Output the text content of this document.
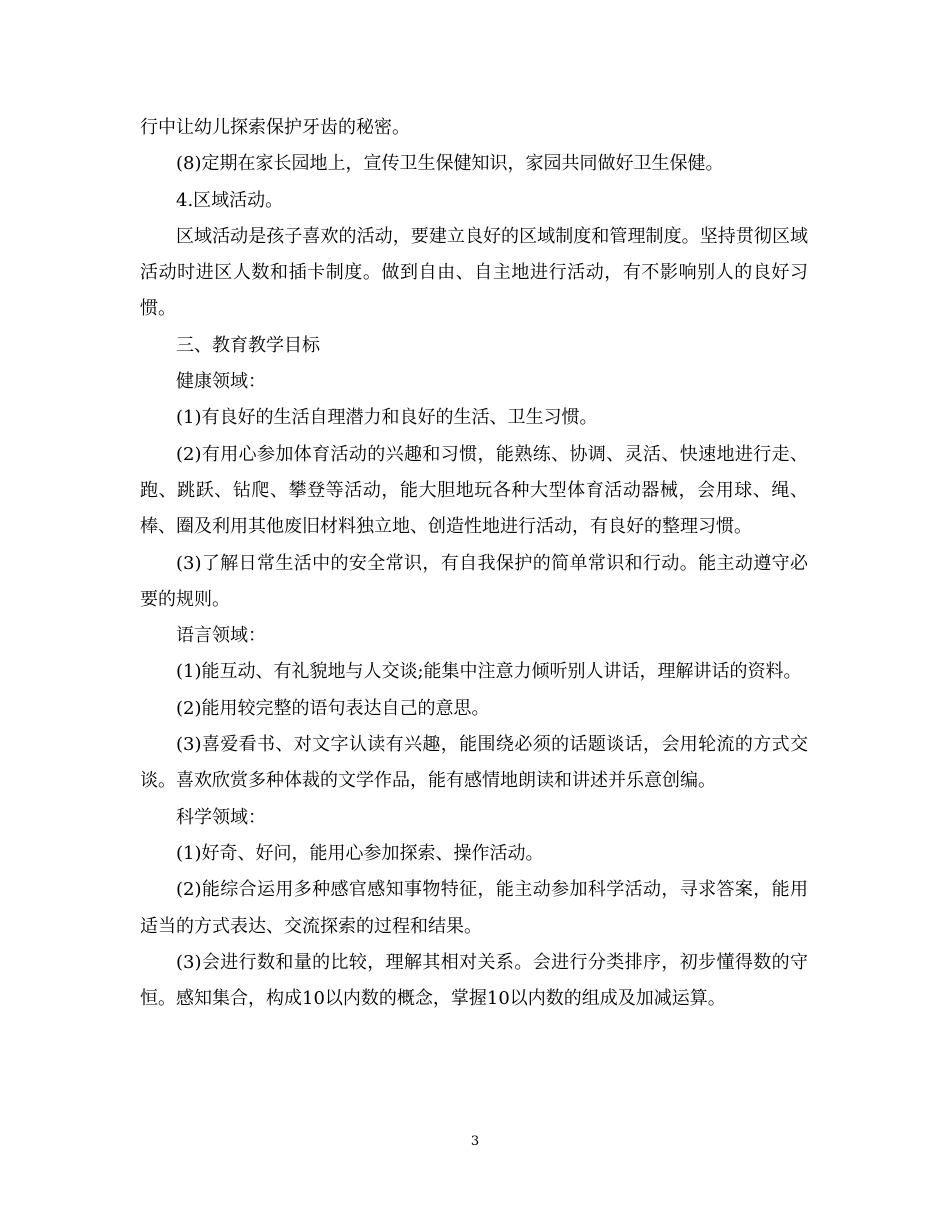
行中让幼儿探索保护牙齿的秘密。

(8)定期在家长园地上，宣传卫生保健知识，家园共同做好卫生保健。

4.区域活动。

区域活动是孩子喜欢的活动，要建立良好的区域制度和管理制度。坚持贯彻区域活动时进区人数和插卡制度。做到自由、自主地进行活动，有不影响别人的良好习惯。

三、教育教学目标

健康领域：

(1)有良好的生活自理潜力和良好的生活、卫生习惯。

(2)有用心参加体育活动的兴趣和习惯，能熟练、协调、灵活、快速地进行走、跑、跳跃、钻爬、攀登等活动，能大胆地玩各种大型体育活动器械，会用球、绳、棒、圈及利用其他废旧材料独立地、创造性地进行活动，有良好的整理习惯。

(3)了解日常生活中的安全常识，有自我保护的简单常识和行动。能主动遵守必要的规则。

语言领域：

(1)能互动、有礼貌地与人交谈;能集中注意力倾听别人讲话，理解讲话的资料。

(2)能用较完整的语句表达自己的意思。

(3)喜爱看书、对文字认读有兴趣，能围绕必须的话题谈话，会用轮流的方式交谈。喜欢欣赏多种体裁的文学作品，能有感情地朗读和讲述并乐意创编。

科学领域：

(1)好奇、好问，能用心参加探索、操作活动。

(2)能综合运用多种感官感知事物特征，能主动参加科学活动，寻求答案，能用适当的方式表达、交流探索的过程和结果。

(3)会进行数和量的比较，理解其相对关系。会进行分类排序，初步懂得数的守恒。感知集合，构成10以内数的概念，掌握10以内数的组成及加减运算。

3
